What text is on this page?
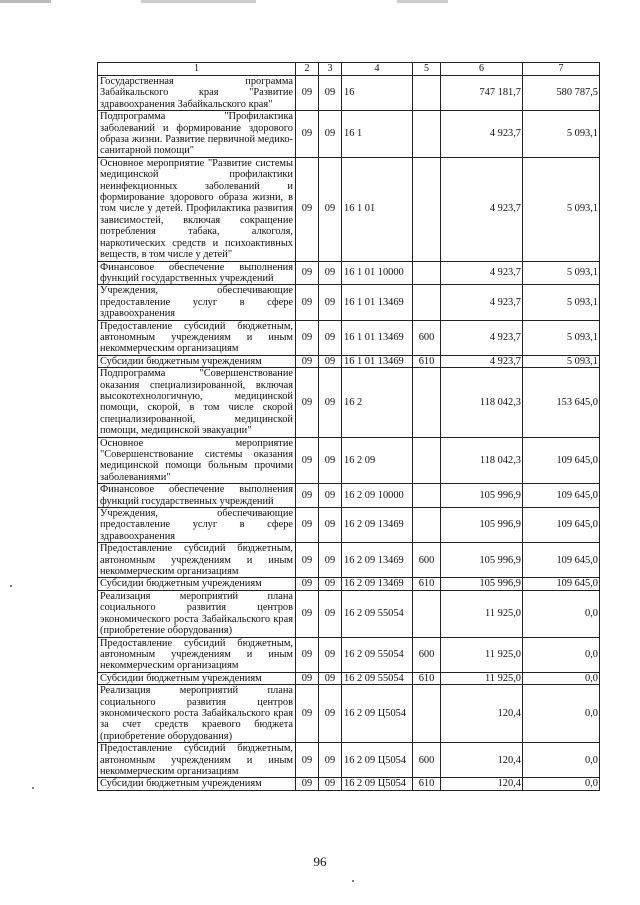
1	2	3	4	5	6	7
Государственная программа Забайкальского края "Развитие здравоохранения Забайкальского края"	09	09	16		747 181,7	580 787,5
Подпрограмма "Профилактика заболеваний и формирование здорового образа жизни. Развитие первичной медико-санитарной помощи"	09	09	16 1		4 923,7	5 093,1
Основное мероприятие "Развитие системы медицинской профилактики неинфекционных заболеваний и формирование здорового образа жизни, в том числе у детей. Профилактика развития зависимостей, включая сокращение потребления табака, алкоголя, наркотических средств и психоактивных веществ, в том числе у детей"	09	09	16 1 01		4 923,7	5 093,1
Финансовое обеспечение выполнения функций государственных учреждений	09	09	16 1 01 10000		4 923,7	5 093,1
Учреждения, обеспечивающие предоставление услуг в сфере здравоохранения	09	09	16 1 01 13469		4 923,7	5 093,1
Предоставление субсидий бюджетным, автономным учреждениям и иным некоммерческим организациям	09	09	16 1 01 13469	600	4 923,7	5 093,1
Субсидии бюджетным учреждениям	09	09	16 1 01 13469	610	4 923,7	5 093,1
Подпрограмма "Совершенствование оказания специализированной, включая высокотехнологичную, медицинской помощи, скорой, в том числе скорой специализированной, медицинской помощи, медицинской эвакуации"	09	09	16 2		118 042,3	153 645,0
Основное мероприятие "Совершенствование системы оказания медицинской помощи больным прочими заболеваниями"	09	09	16 2 09		118 042,3	109 645,0
Финансовое обеспечение выполнения функций государственных учреждений	09	09	16 2 09 10000		105 996,9	109 645,0
Учреждения, обеспечивающие предоставление услуг в сфере здравоохранения	09	09	16 2 09 13469		105 996,9	109 645,0
Предоставление субсидий бюджетным, автономным учреждениям и иным некоммерческим организациям	09	09	16 2 09 13469	600	105 996,9	109 645,0
Субсидии бюджетным учреждениям	09	09	16 2 09 13469	610	105 996,9	109 645,0
Реализация мероприятий плана социального развития центров экономического роста Забайкальского края (приобретение оборудования)	09	09	16 2 09 55054		11 925,0	0,0
Предоставление субсидий бюджетным, автономным учреждениям и иным некоммерческим организациям	09	09	16 2 09 55054	600	11 925,0	0,0
Субсидии бюджетным учреждениям	09	09	16 2 09 55054	610	11 925,0	0,0
Реализация мероприятий плана социального развития центров экономического роста Забайкальского края за счет средств краевого бюджета (приобретение оборудования)	09	09	16 2 09 Ц5054		120,4	0,0
Предоставление субсидий бюджетным, автономным учреждениям и иным некоммерческим организациям	09	09	16 2 09 Ц5054	600	120,4	0,0
Субсидии бюджетным учреждениям	09	09	16 2 09 Ц5054	610	120,4	0,0
96
